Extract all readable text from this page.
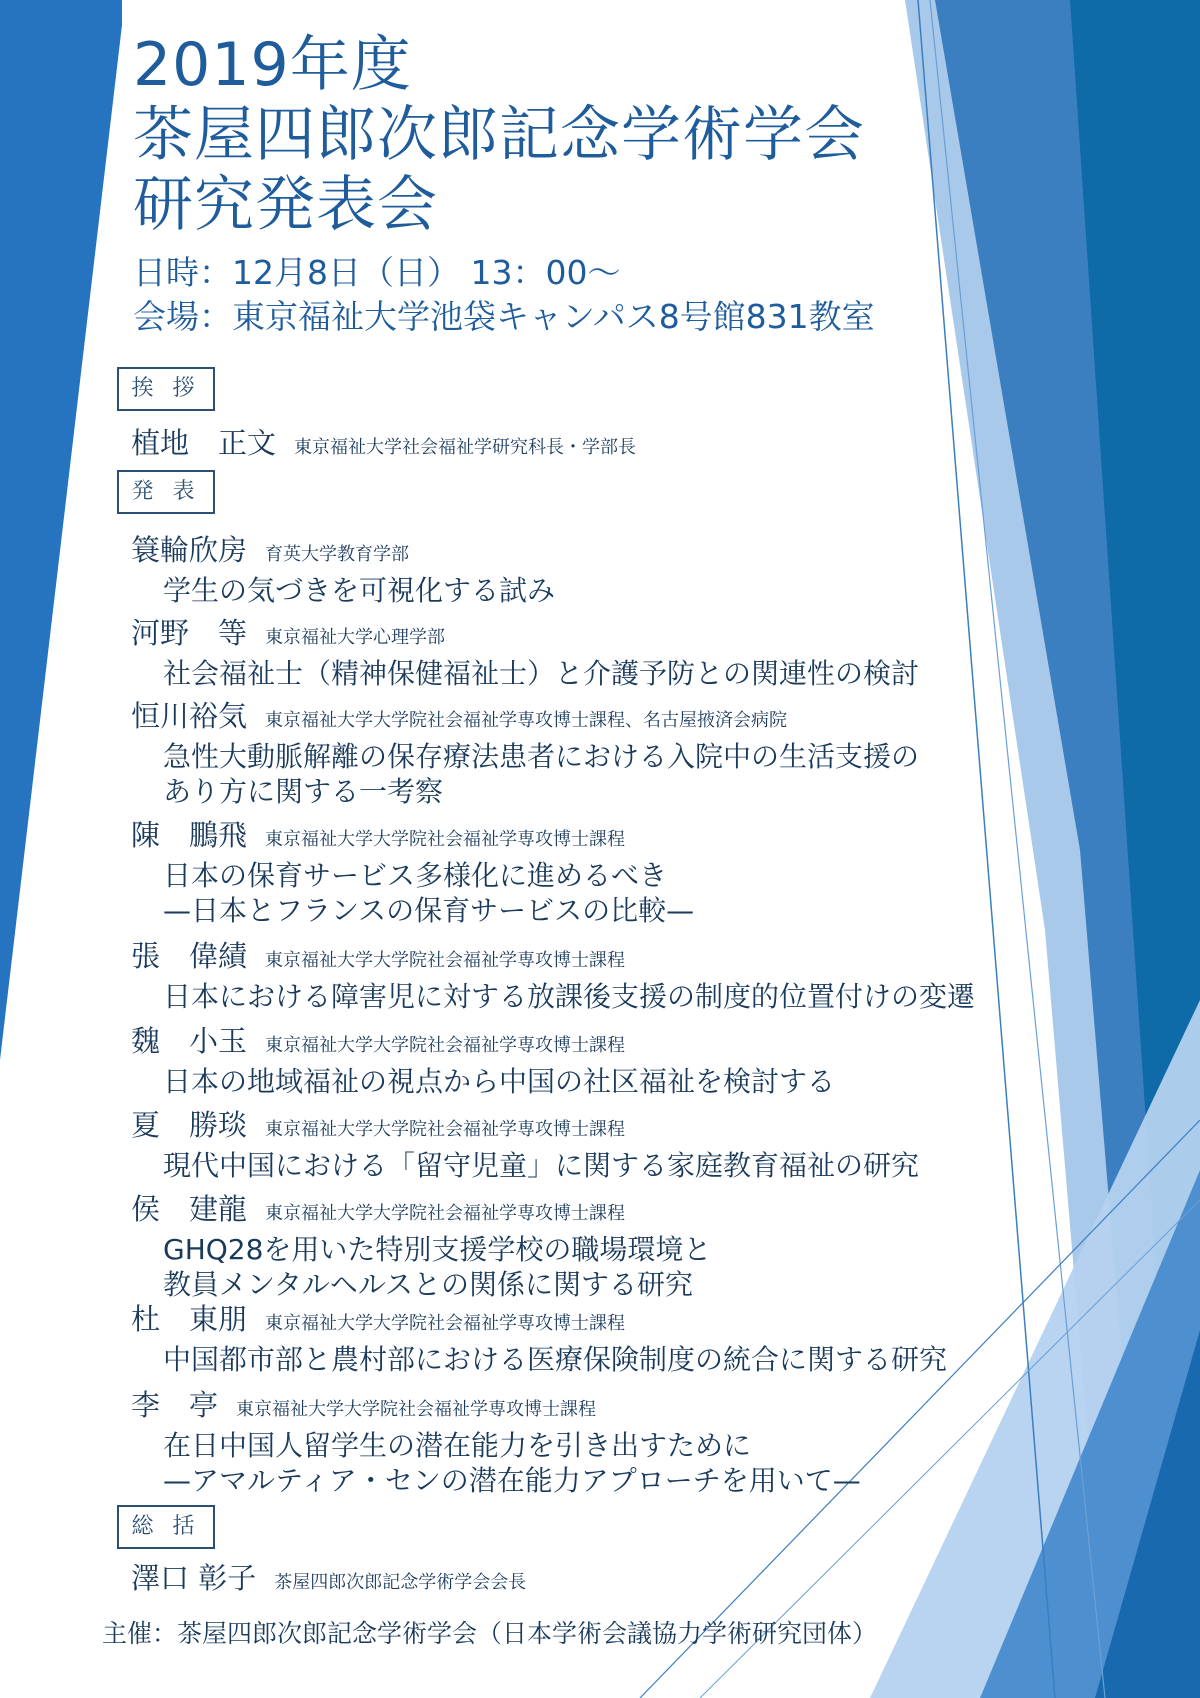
2019年度
茶屋四郎次郎記念学術学会
研究発表会
日時：12月8日（日） 13：00～
会場：東京福祉大学池袋キャンパス8号館831教室
挨 拶
植地　正文 東京福祉大学社会福祉学研究科長・学部長
発 表
簑輪欣房 育英大学教育学部
学生の気づきを可視化する試み
河野　等 東京福祉大学心理学部
社会福祉士（精神保健福祉士）と介護予防との関連性の検討
恒川裕気 東京福祉大学大学院社会福祉学専攻博士課程、名古屋掖済会病院
急性大動脈解離の保存療法患者における入院中の生活支援の
あり方に関する一考察
陳　鵬飛 東京福祉大学大学院社会福祉学専攻博士課程
日本の保育サービス多様化に進めるべき
—日本とフランスの保育サービスの比較—
張　偉績 東京福祉大学大学院社会福祉学専攻博士課程
日本における障害児に対する放課後支援の制度的位置付けの変遷
魏　小玉 東京福祉大学大学院社会福祉学専攻博士課程
日本の地域福祉の視点から中国の社区福祉を検討する
夏　勝琰 東京福祉大学大学院社会福祉学専攻博士課程
現代中国における「留守児童」に関する家庭教育福祉の研究
侯　建龍 東京福祉大学大学院社会福祉学専攻博士課程
GHQ28を用いた特別支援学校の職場環境と
教員メンタルヘルスとの関係に関する研究
杜　東朋 東京福祉大学大学院社会福祉学専攻博士課程
中国都市部と農村部における医療保険制度の統合に関する研究
李　亭 東京福祉大学大学院社会福祉学専攻博士課程
在日中国人留学生の潜在能力を引き出すために
—アマルティア・センの潜在能力アプローチを用いて—
総 括
澤口 彰子 茶屋四郎次郎記念学術学会会長
主催：茶屋四郎次郎記念学術学会（日本学術会議協力学術研究団体）
